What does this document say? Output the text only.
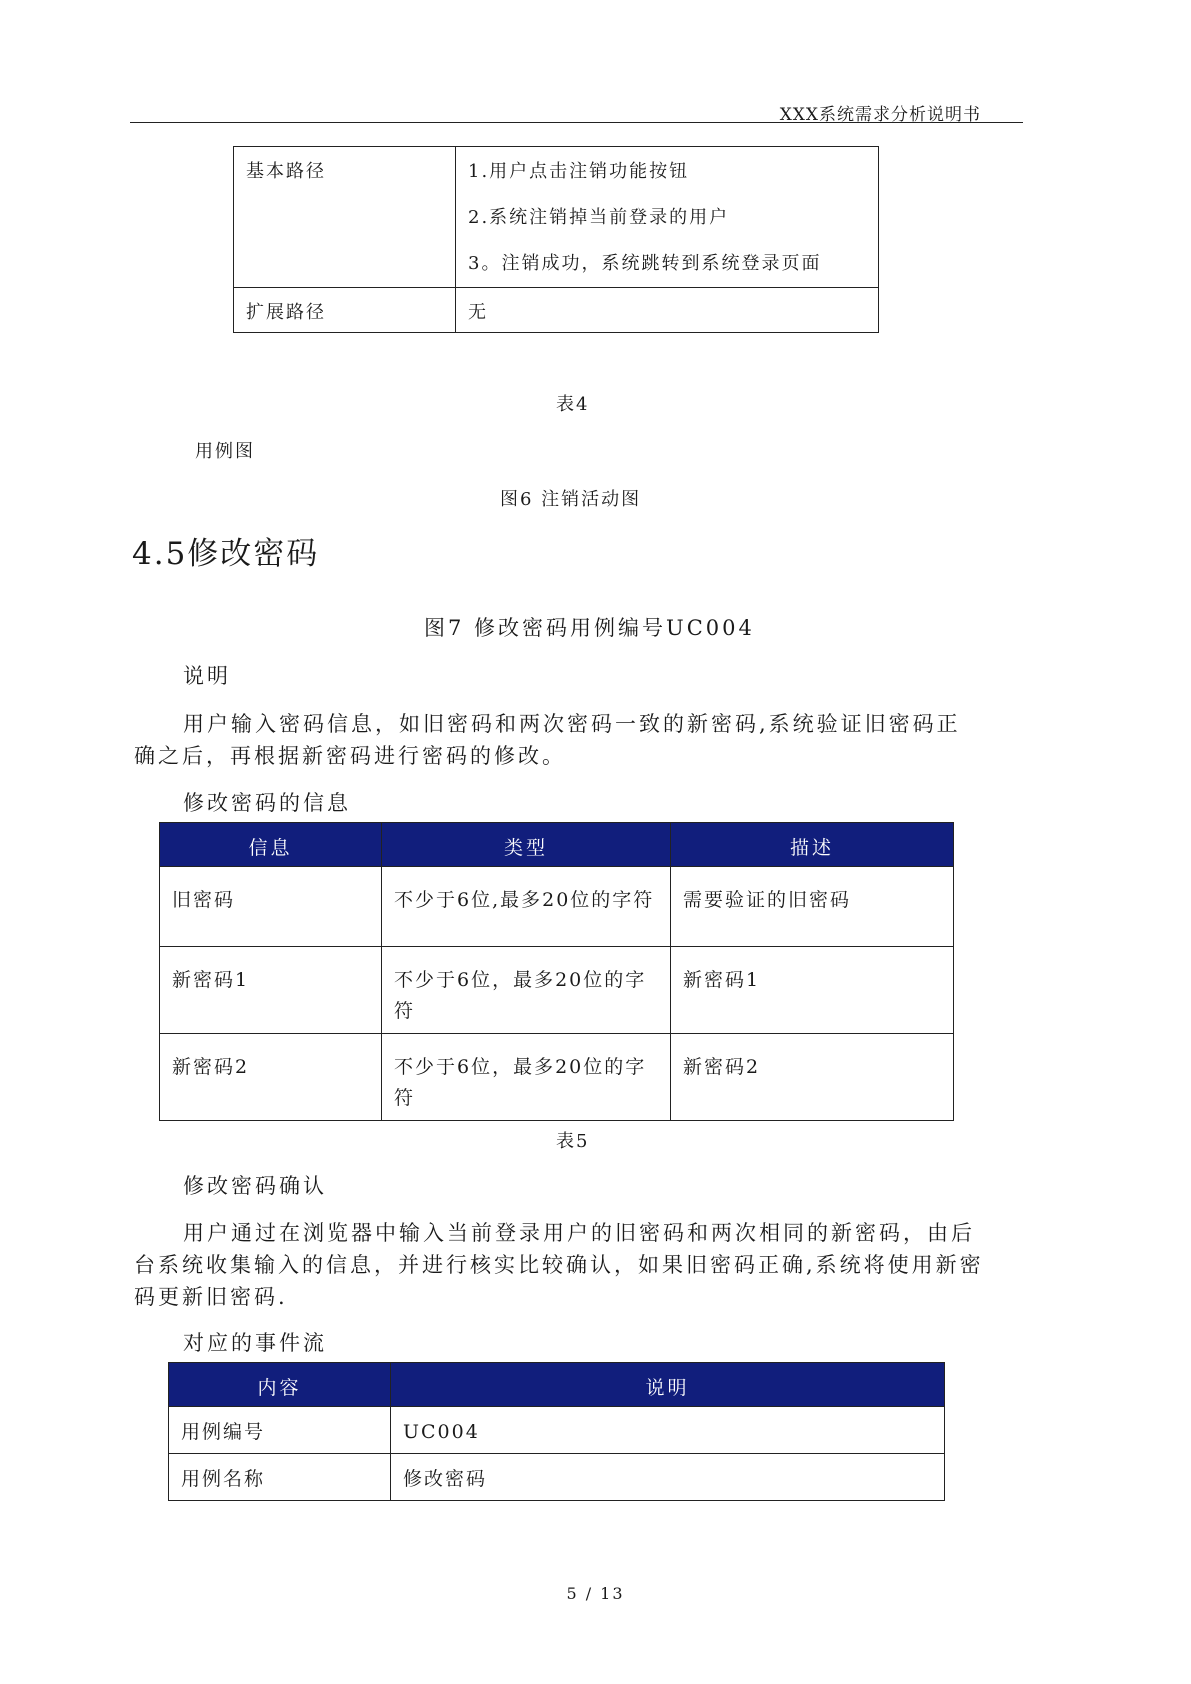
XXX系统需求分析说明书
基本路径	1.用户点击注销功能按钮
2.系统注销掉当前登录的用户
3。注销成功，系统跳转到系统登录页面

扩展路径	无
表4
用例图
图6 注销活动图
4.5修改密码
图7 修改密码用例编号UC004
说明
用户输入密码信息，如旧密码和两次密码一致的新密码,系统验证旧密码正确之后，再根据新密码进行密码的修改。
修改密码的信息
信息	类型	描述
旧密码	不少于6位,最多20位的字符	需要验证的旧密码
新密码1	不少于6位，最多20位的字符	新密码1
新密码2	不少于6位，最多20位的字符	新密码2
表5
修改密码确认
用户通过在浏览器中输入当前登录用户的旧密码和两次相同的新密码，由后台系统收集输入的信息，并进行核实比较确认，如果旧密码正确,系统将使用新密码更新旧密码.
对应的事件流
内容	说明
用例编号	UC004
用例名称	修改密码
5 / 13
